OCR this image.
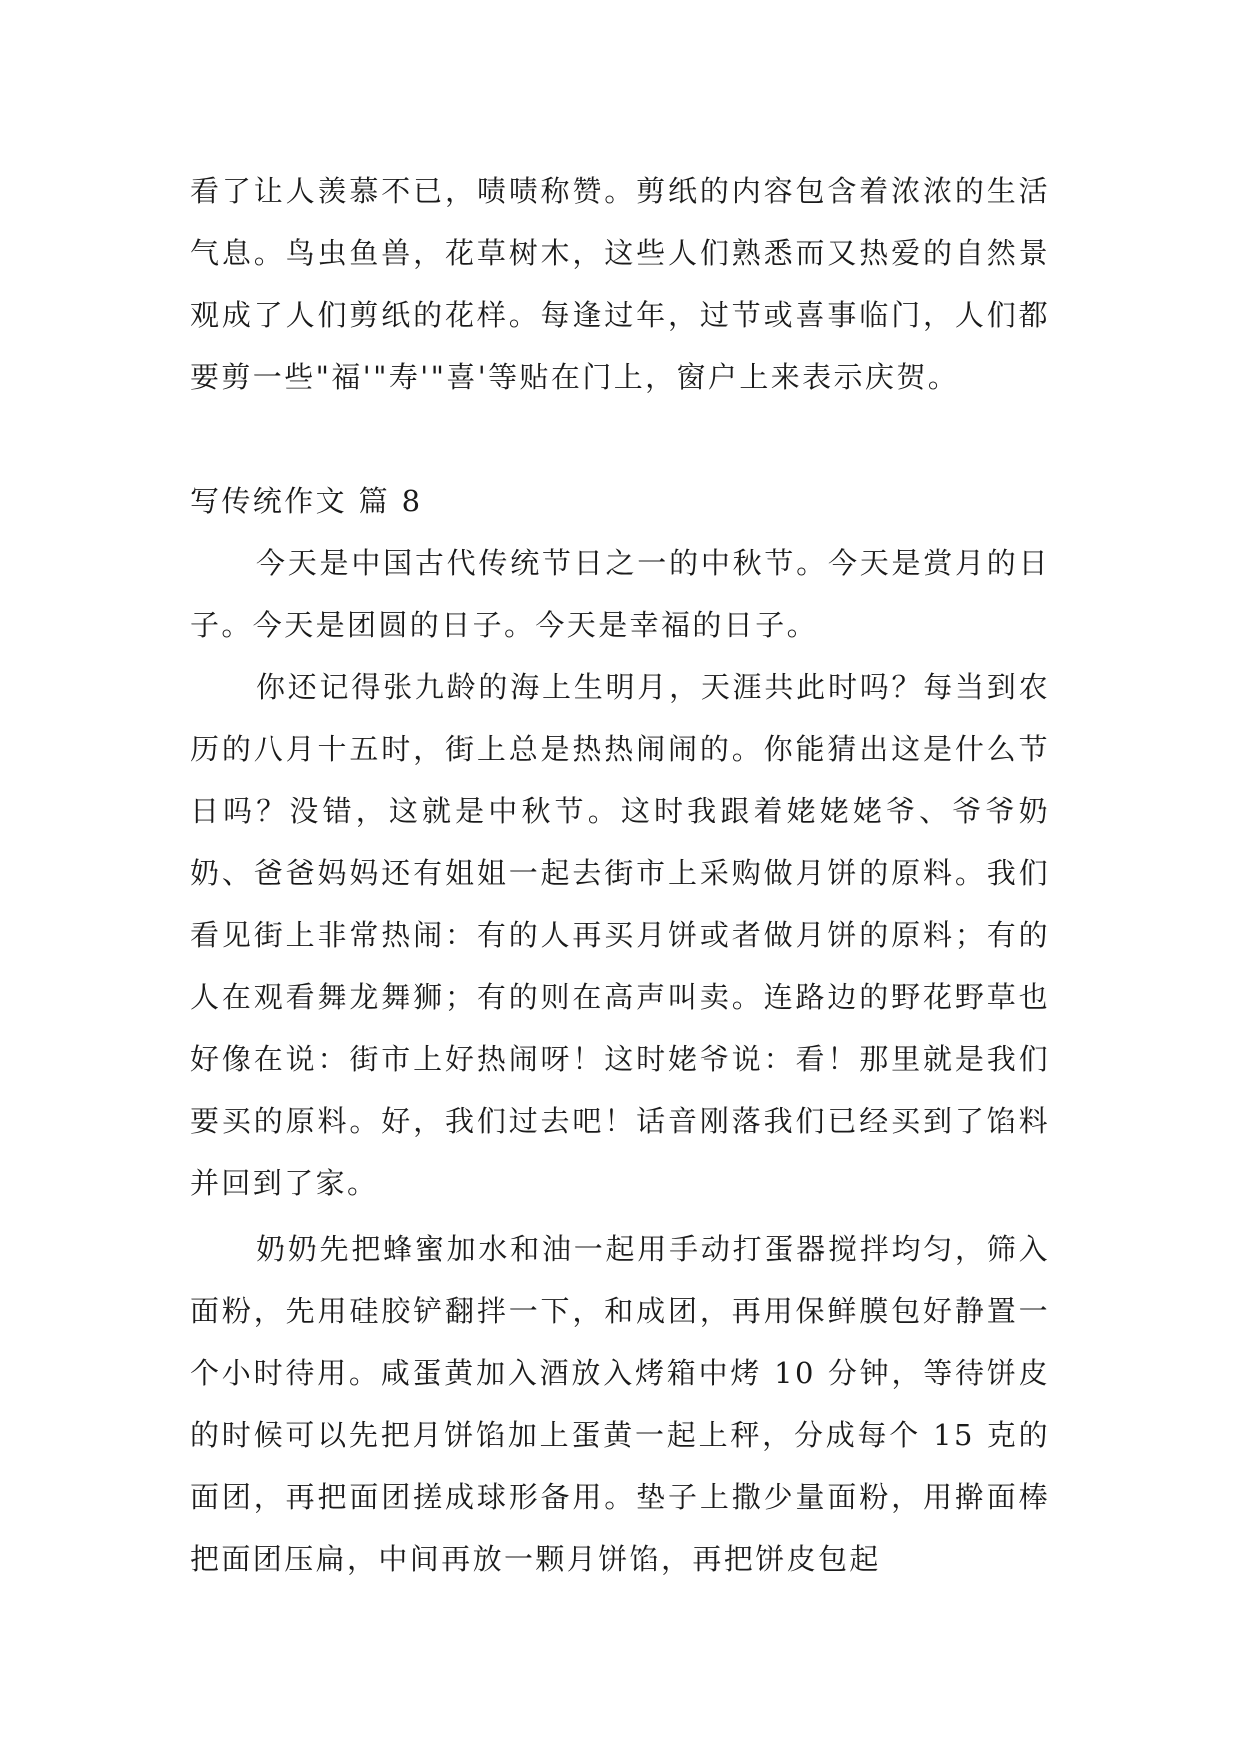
看了让人羡慕不已，啧啧称赞。剪纸的内容包含着浓浓的生活气息。鸟虫鱼兽，花草树木，这些人们熟悉而又热爱的自然景观成了人们剪纸的花样。每逢过年，过节或喜事临门，人们都要剪一些"福'"寿'"喜'等贴在门上，窗户上来表示庆贺。

写传统作文 篇 8

今天是中国古代传统节日之一的中秋节。今天是赏月的日子。今天是团圆的日子。今天是幸福的日子。

你还记得张九龄的海上生明月，天涯共此时吗？每当到农历的八月十五时，街上总是热热闹闹的。你能猜出这是什么节日吗？没错，这就是中秋节。这时我跟着姥姥姥爷、爷爷奶奶、爸爸妈妈还有姐姐一起去街市上采购做月饼的原料。我们看见街上非常热闹：有的人再买月饼或者做月饼的原料；有的人在观看舞龙舞狮；有的则在高声叫卖。连路边的野花野草也好像在说：街市上好热闹呀！这时姥爷说：看！那里就是我们要买的原料。好，我们过去吧！话音刚落我们已经买到了馅料并回到了家。

奶奶先把蜂蜜加水和油一起用手动打蛋器搅拌均匀，筛入面粉，先用硅胶铲翻拌一下，和成团，再用保鲜膜包好静置一个小时待用。咸蛋黄加入酒放入烤箱中烤 10 分钟，等待饼皮的时候可以先把月饼馅加上蛋黄一起上秤，分成每个 15 克的面团，再把面团搓成球形备用。垫子上撒少量面粉，用擀面棒把面团压扁，中间再放一颗月饼馅，再把饼皮包起
